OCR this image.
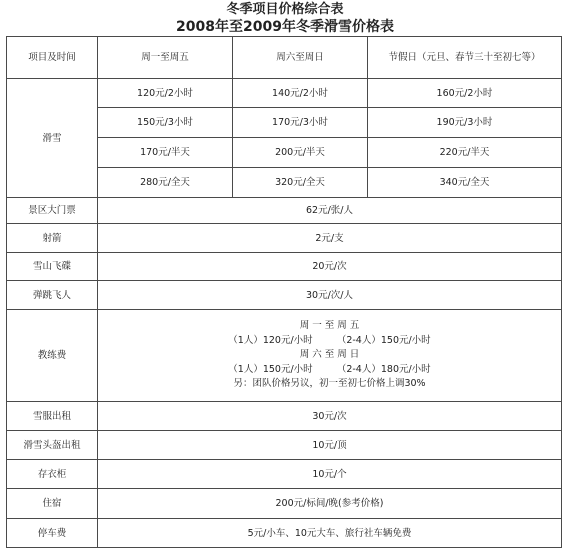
冬季项目价格综合表
2008年至2009年冬季滑雪价格表
项目及时间	周一至周五	周六至周日	节假日（元旦、春节三十至初七等）
滑雪	120元/2小时	140元/2小时	160元/2小时
	150元/3小时	170元/3小时	190元/3小时
	170元/半天	200元/半天	220元/半天
	280元/全天	320元/全天	340元/全天
景区大门票	62元/张/人		
射箭	2元/支		
雪山飞碟	20元/次		
弹跳飞人	30元/次/人		
教练费	周 一 至 周 五
（1人）120元/小时        （2-4人）150元/小时
周 六 至 周 日
（1人）150元/小时        （2-4人）180元/小时
另：团队价格另议，初一至初七价格上调30%		

雪服出租	30元/次		
滑雪头盔出租	10元/顶		
存衣柜	10元/个		
住宿	200元/标间/晚(参考价格)		
停车费	5元/小车、10元大车、旅行社车辆免费		
